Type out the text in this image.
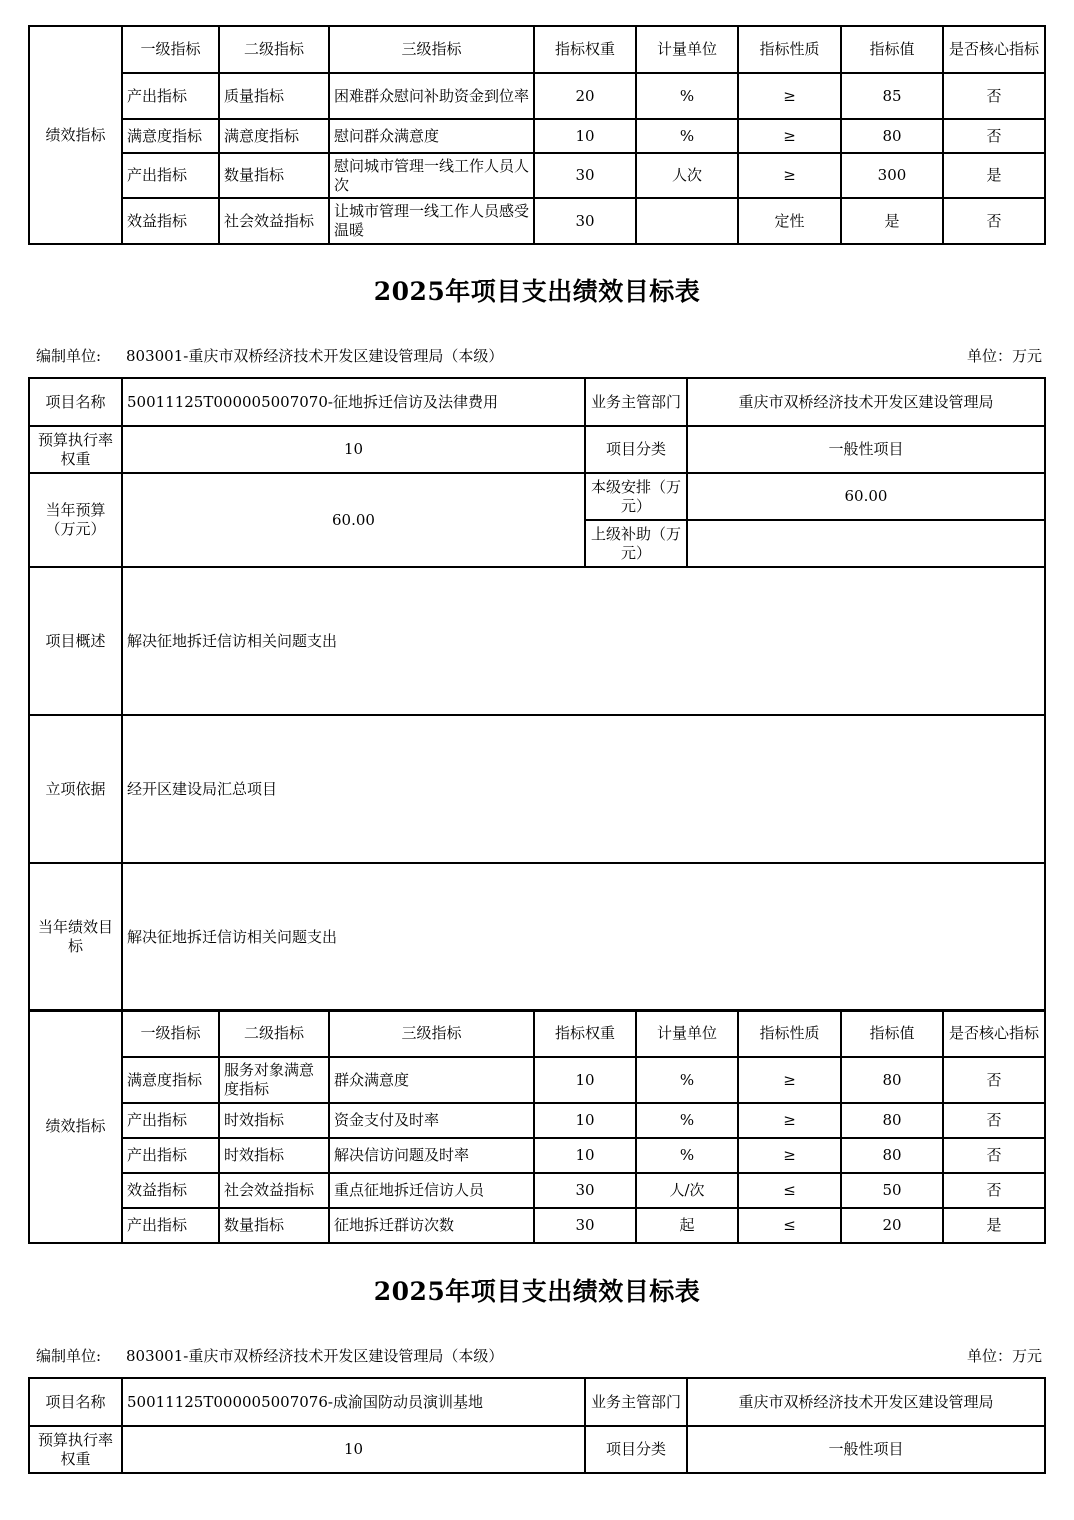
绩效指标	一级指标	二级指标	三级指标	指标权重	计量单位	指标性质	指标值	是否核心指标
	产出指标	质量指标	困难群众慰问补助资金到位率	20	%	≥	85	否
	满意度指标	满意度指标	慰问群众满意度	10	%	≥	80	否
	产出指标	数量指标	慰问城市管理一线工作人员人次	30	人次	≥	300	是
	效益指标	社会效益指标	让城市管理一线工作人员感受温暖	30		定性	是	否
2025年项目支出绩效目标表
编制单位: 803001-重庆市双桥经济技术开发区建设管理局（本级）	单位：万元
项目名称	50011125T000005007070-征地拆迁信访及法律费用	业务主管部门	重庆市双桥经济技术开发区建设管理局
预算执行率权重	10	项目分类	一般性项目
当年预算（万元）	60.00	本级安排（万元）	60.00
		上级补助（万元）	
项目概述	解决征地拆迁信访相关问题支出		
立项依据	经开区建设局汇总项目		
当年绩效目标	解决征地拆迁信访相关问题支出		
绩效指标	一级指标	二级指标	三级指标	指标权重	计量单位	指标性质	指标值	是否核心指标
	满意度指标	服务对象满意度指标	群众满意度	10	%	≥	80	否
	产出指标	时效指标	资金支付及时率	10	%	≥	80	否
	产出指标	时效指标	解决信访问题及时率	10	%	≥	80	否
	效益指标	社会效益指标	重点征地拆迁信访人员	30	人/次	≤	50	否
	产出指标	数量指标	征地拆迁群访次数	30	起	≤	20	是
2025年项目支出绩效目标表
编制单位: 803001-重庆市双桥经济技术开发区建设管理局（本级）	单位：万元
项目名称	50011125T000005007076-成渝国防动员演训基地	业务主管部门	重庆市双桥经济技术开发区建设管理局
预算执行率权重	10	项目分类	一般性项目
